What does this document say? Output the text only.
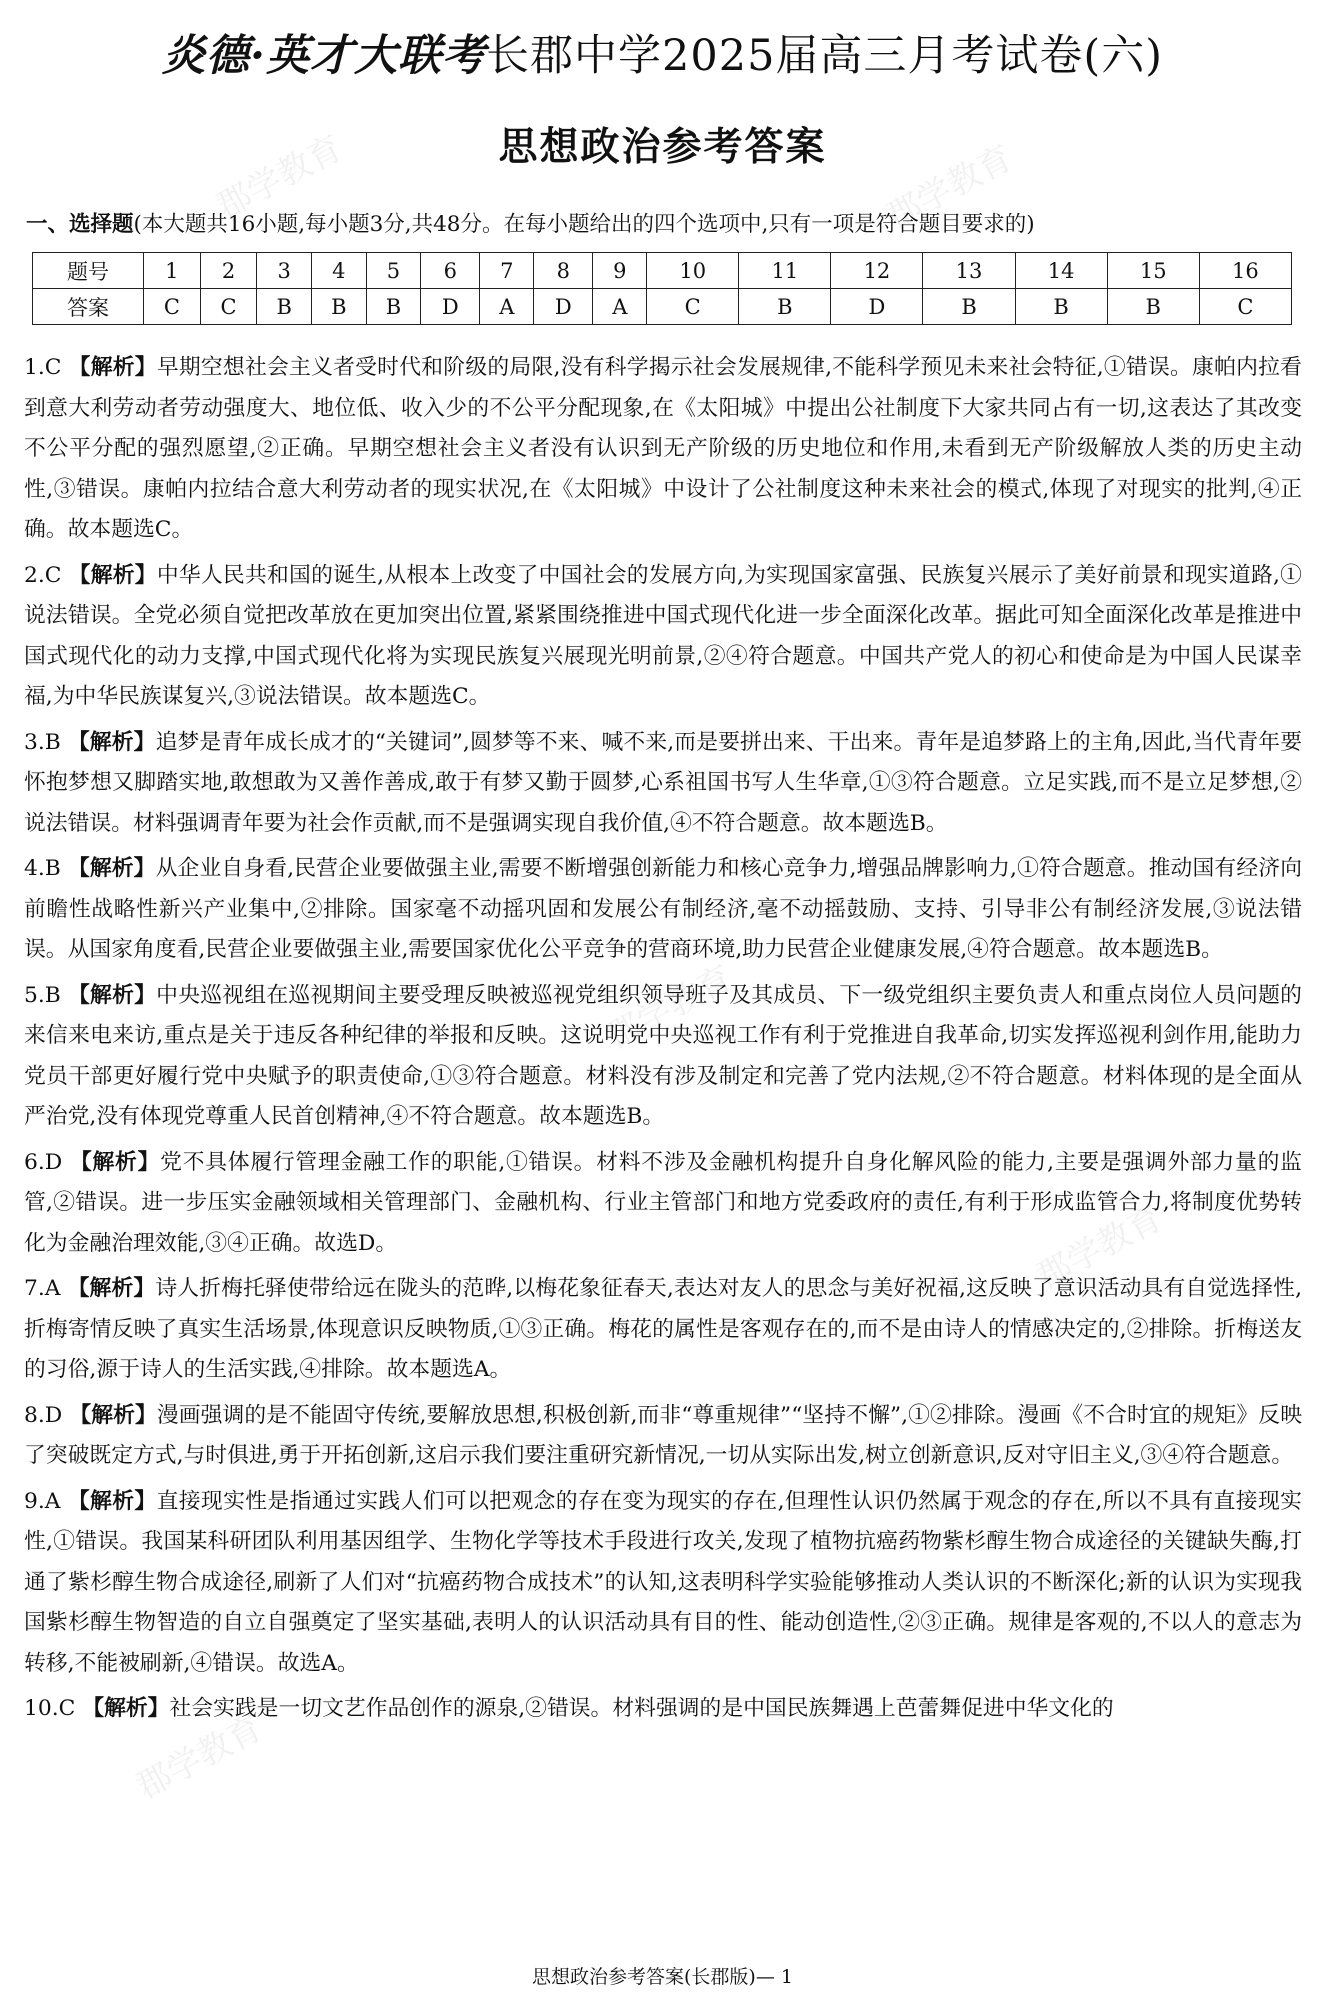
郡学教育	郡学教育
郡学教育
郡学教育
郡学教育
炎德·英才大联考长郡中学2025届高三月考试卷(六)
思想政治参考答案
一、选择题(本大题共16小题,每小题3分,共48分。在每小题给出的四个选项中,只有一项是符合题目要求的)
题号	1	2	3	4	5	6	7	8	9	10	11	12	13	14	15	16
答案	C	C	B	B	B	D	A	D	A	C	B	D	B	B	B	C

1.C 【解析】早期空想社会主义者受时代和阶级的局限,没有科学揭示社会发展规律,不能科学预见未来社会特征,①错误。康帕内拉看到意大利劳动者劳动强度大、地位低、收入少的不公平分配现象,在《太阳城》中提出公社制度下大家共同占有一切,这表达了其改变不公平分配的强烈愿望,②正确。早期空想社会主义者没有认识到无产阶级的历史地位和作用,未看到无产阶级解放人类的历史主动性,③错误。康帕内拉结合意大利劳动者的现实状况,在《太阳城》中设计了公社制度这种未来社会的模式,体现了对现实的批判,④正确。故本题选C。

2.C 【解析】中华人民共和国的诞生,从根本上改变了中国社会的发展方向,为实现国家富强、民族复兴展示了美好前景和现实道路,①说法错误。全党必须自觉把改革放在更加突出位置,紧紧围绕推进中国式现代化进一步全面深化改革。据此可知全面深化改革是推进中国式现代化的动力支撑,中国式现代化将为实现民族复兴展现光明前景,②④符合题意。中国共产党人的初心和使命是为中国人民谋幸福,为中华民族谋复兴,③说法错误。故本题选C。

3.B 【解析】追梦是青年成长成才的“关键词”,圆梦等不来、喊不来,而是要拼出来、干出来。青年是追梦路上的主角,因此,当代青年要怀抱梦想又脚踏实地,敢想敢为又善作善成,敢于有梦又勤于圆梦,心系祖国书写人生华章,①③符合题意。立足实践,而不是立足梦想,②说法错误。材料强调青年要为社会作贡献,而不是强调实现自我价值,④不符合题意。故本题选B。

4.B 【解析】从企业自身看,民营企业要做强主业,需要不断增强创新能力和核心竞争力,增强品牌影响力,①符合题意。推动国有经济向前瞻性战略性新兴产业集中,②排除。国家毫不动摇巩固和发展公有制经济,毫不动摇鼓励、支持、引导非公有制经济发展,③说法错误。从国家角度看,民营企业要做强主业,需要国家优化公平竞争的营商环境,助力民营企业健康发展,④符合题意。故本题选B。

5.B 【解析】中央巡视组在巡视期间主要受理反映被巡视党组织领导班子及其成员、下一级党组织主要负责人和重点岗位人员问题的来信来电来访,重点是关于违反各种纪律的举报和反映。这说明党中央巡视工作有利于党推进自我革命,切实发挥巡视利剑作用,能助力党员干部更好履行党中央赋予的职责使命,①③符合题意。材料没有涉及制定和完善了党内法规,②不符合题意。材料体现的是全面从严治党,没有体现党尊重人民首创精神,④不符合题意。故本题选B。

6.D 【解析】党不具体履行管理金融工作的职能,①错误。材料不涉及金融机构提升自身化解风险的能力,主要是强调外部力量的监管,②错误。进一步压实金融领域相关管理部门、金融机构、行业主管部门和地方党委政府的责任,有利于形成监管合力,将制度优势转化为金融治理效能,③④正确。故选D。

7.A 【解析】诗人折梅托驿使带给远在陇头的范晔,以梅花象征春天,表达对友人的思念与美好祝福,这反映了意识活动具有自觉选择性,折梅寄情反映了真实生活场景,体现意识反映物质,①③正确。梅花的属性是客观存在的,而不是由诗人的情感决定的,②排除。折梅送友的习俗,源于诗人的生活实践,④排除。故本题选A。

8.D 【解析】漫画强调的是不能固守传统,要解放思想,积极创新,而非“尊重规律”“坚持不懈”,①②排除。漫画《不合时宜的规矩》反映了突破既定方式,与时俱进,勇于开拓创新,这启示我们要注重研究新情况,一切从实际出发,树立创新意识,反对守旧主义,③④符合题意。

9.A 【解析】直接现实性是指通过实践人们可以把观念的存在变为现实的存在,但理性认识仍然属于观念的存在,所以不具有直接现实性,①错误。我国某科研团队利用基因组学、生物化学等技术手段进行攻关,发现了植物抗癌药物紫杉醇生物合成途径的关键缺失酶,打通了紫杉醇生物合成途径,刷新了人们对“抗癌药物合成技术”的认知,这表明科学实验能够推动人类认识的不断深化;新的认识为实现我国紫杉醇生物智造的自立自强奠定了坚实基础,表明人的认识活动具有目的性、能动创造性,②③正确。规律是客观的,不以人的意志为转移,不能被刷新,④错误。故选A。

10.C 【解析】社会实践是一切文艺作品创作的源泉,②错误。材料强调的是中国民族舞遇上芭蕾舞促进中华文化的

思想政治参考答案(长郡版)— 1
